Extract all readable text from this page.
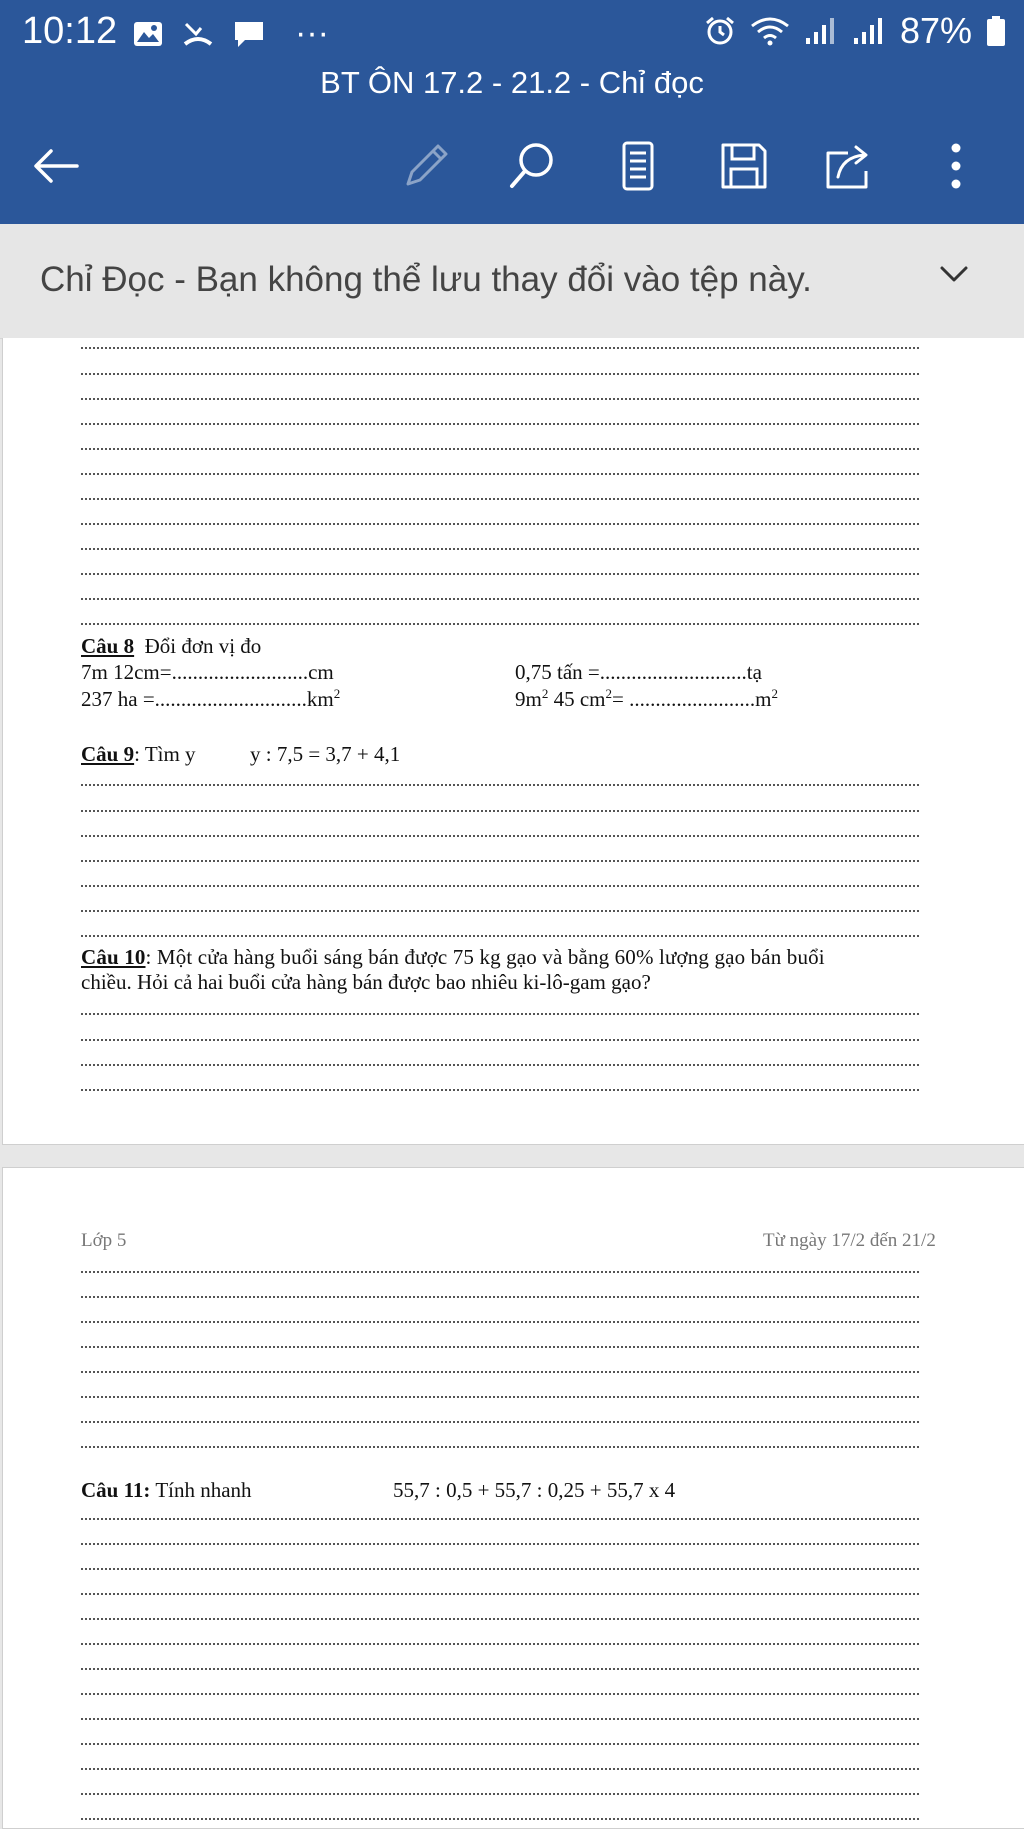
10:12	···	87%
BT ÔN 17.2 - 21.2 - Chỉ đọc
Chỉ Đọc - Bạn không thể lưu thay đổi vào tệp này.
Câu 8 Đổi đơn vị đo
7m 12cm=..........................cm	0,75 tấn =............................tạ
237 ha $=.............................km^2$	$9m^2$ 45 $cm^2= ........................m^2$
Câu 9: Tìm y	y : 7,5 = 3,7 + 4,1
Câu 10: Một cửa hàng buổi sáng bán được 75 kg gạo và bằng 60% lượng gạo bán buổi
chiều. Hỏi cả hai buổi cửa hàng bán được bao nhiêu ki-lô-gam gạo?
Lớp 5	Từ ngày 17/2 đến 21/2
Câu 11: Tính nhanh	55,7 : 0,5 + 55,7 : 0,25 + 55,7 x 4
